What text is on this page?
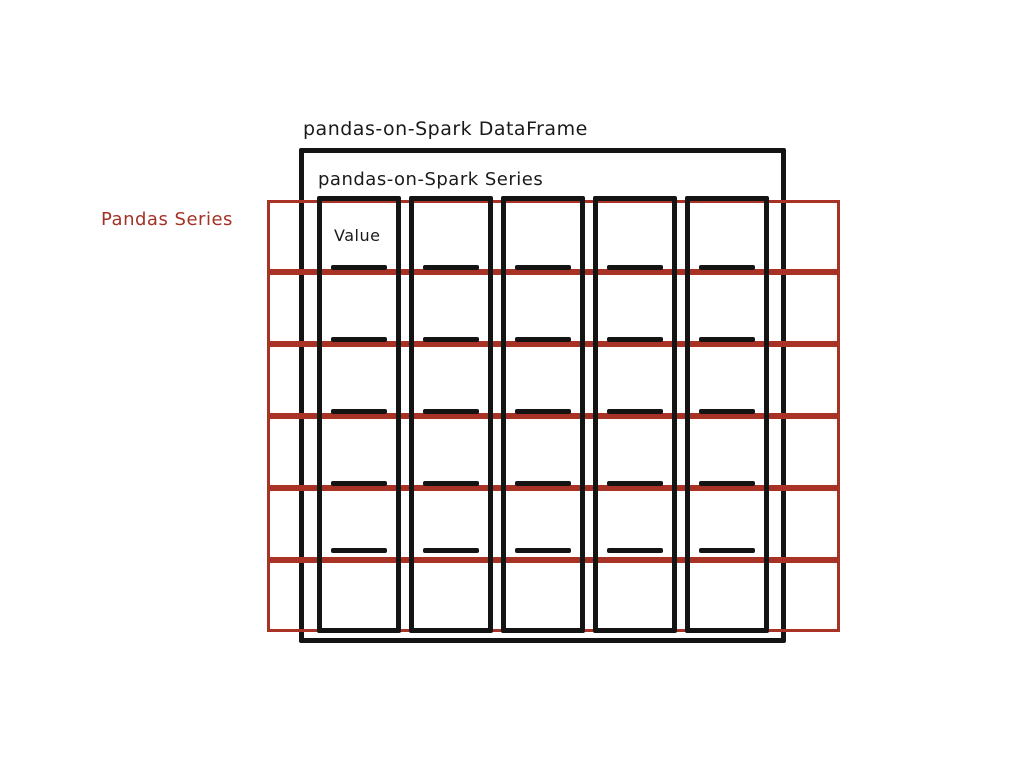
pandas-on-Spark DataFrame
pandas-on-Spark Series
Pandas Series
Value
